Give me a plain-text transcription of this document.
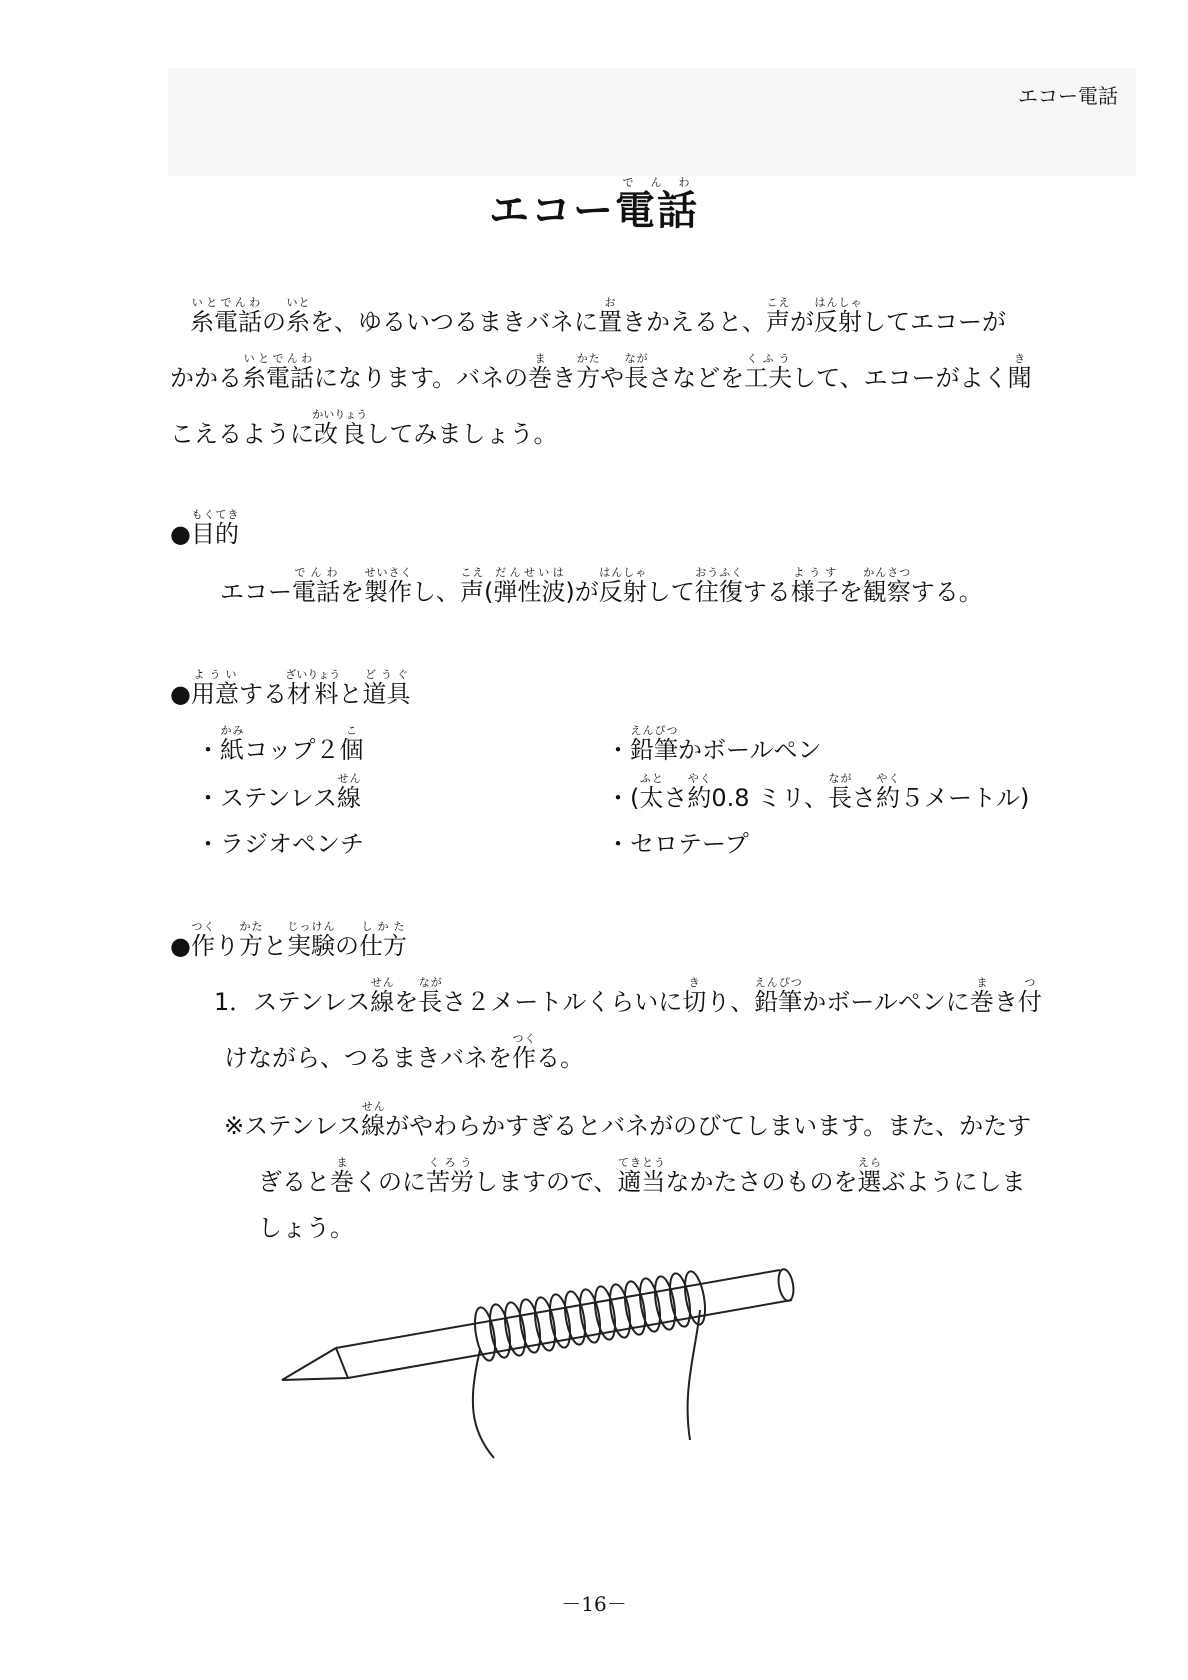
エコー電話
エコー電話でんわ
糸電話いとでんわの糸いとを、ゆるいつるまきバネに置おきかえると、声こえが反射はんしゃしてエコーが
かかる糸電話いとでんわになります。バネの巻まき方かたや長ながさなどを工夫くふうして、エコーがよく聞き
こえるように改良かいりょうしてみましょう。
●目的もくてき
エコー電話でんわを製作せいさくし、声こえ(弾性波だんせいは)が反射はんしゃして往復おうふくする様子ようすを観察かんさつする。
●用意よういする材料ざいりょうと道具どうぐ
・紙かみコップ２個こ
・ステンレス線せん
・ラジオペンチ
・鉛筆えんぴつかボールペン
・(太ふとさ約やく0.8 ミリ、長ながさ約やく５メートル)
・セロテープ
●作つくり方かたと実験じっけんの仕方しかた
1．ステンレス線せんを長ながさ２メートルくらいに切きり、鉛筆えんぴつかボールペンに巻まき付つ
けながら、つるまきバネを作つくる。
※ステンレス線せんがやわらかすぎるとバネがのびてしまいます。また、かたす
ぎると巻まくのに苦労くろうしますので、適当てきとうなかたさのものを選えらぶようにしま
しょう。
－16－
